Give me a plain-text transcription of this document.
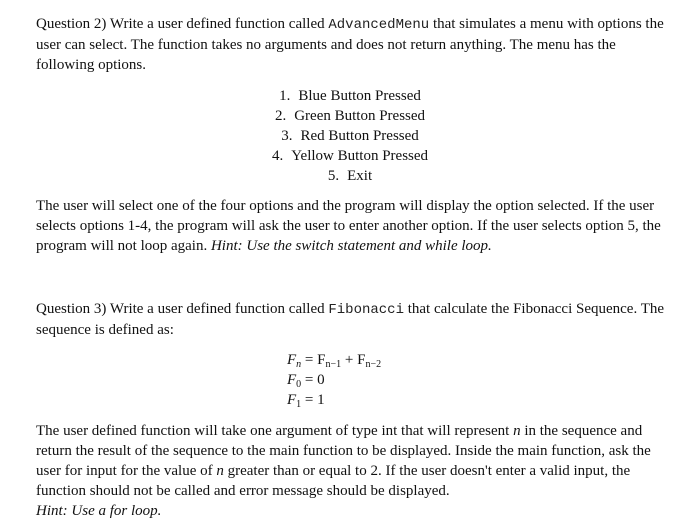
Question 2) Write a user defined function called AdvancedMenu that simulates a menu with options the user can select. The function takes no arguments and does not return anything. The menu has the following options.
1. Blue Button Pressed
2. Green Button Pressed
3. Red Button Pressed
4. Yellow Button Pressed
5. Exit
The user will select one of the four options and the program will display the option selected. If the user selects options 1-4, the program will ask the user to enter another option. If the user selects option 5, the program will not loop again. Hint: Use the switch statement and while loop.
Question 3) Write a user defined function called Fibonacci that calculate the Fibonacci Sequence. The sequence is defined as:
$F_n = F_{n-1} + F_{n-2}$
$F_0 = 0$
$F_1 = 1$
The user defined function will take one argument of type int that will represent n in the sequence and return the result of the sequence to the main function to be displayed. Inside the main function, ask the user for input for the value of n greater than or equal to 2. If the user doesn't enter a valid input, the function should not be called and error message should be displayed.
Hint: Use a for loop.
